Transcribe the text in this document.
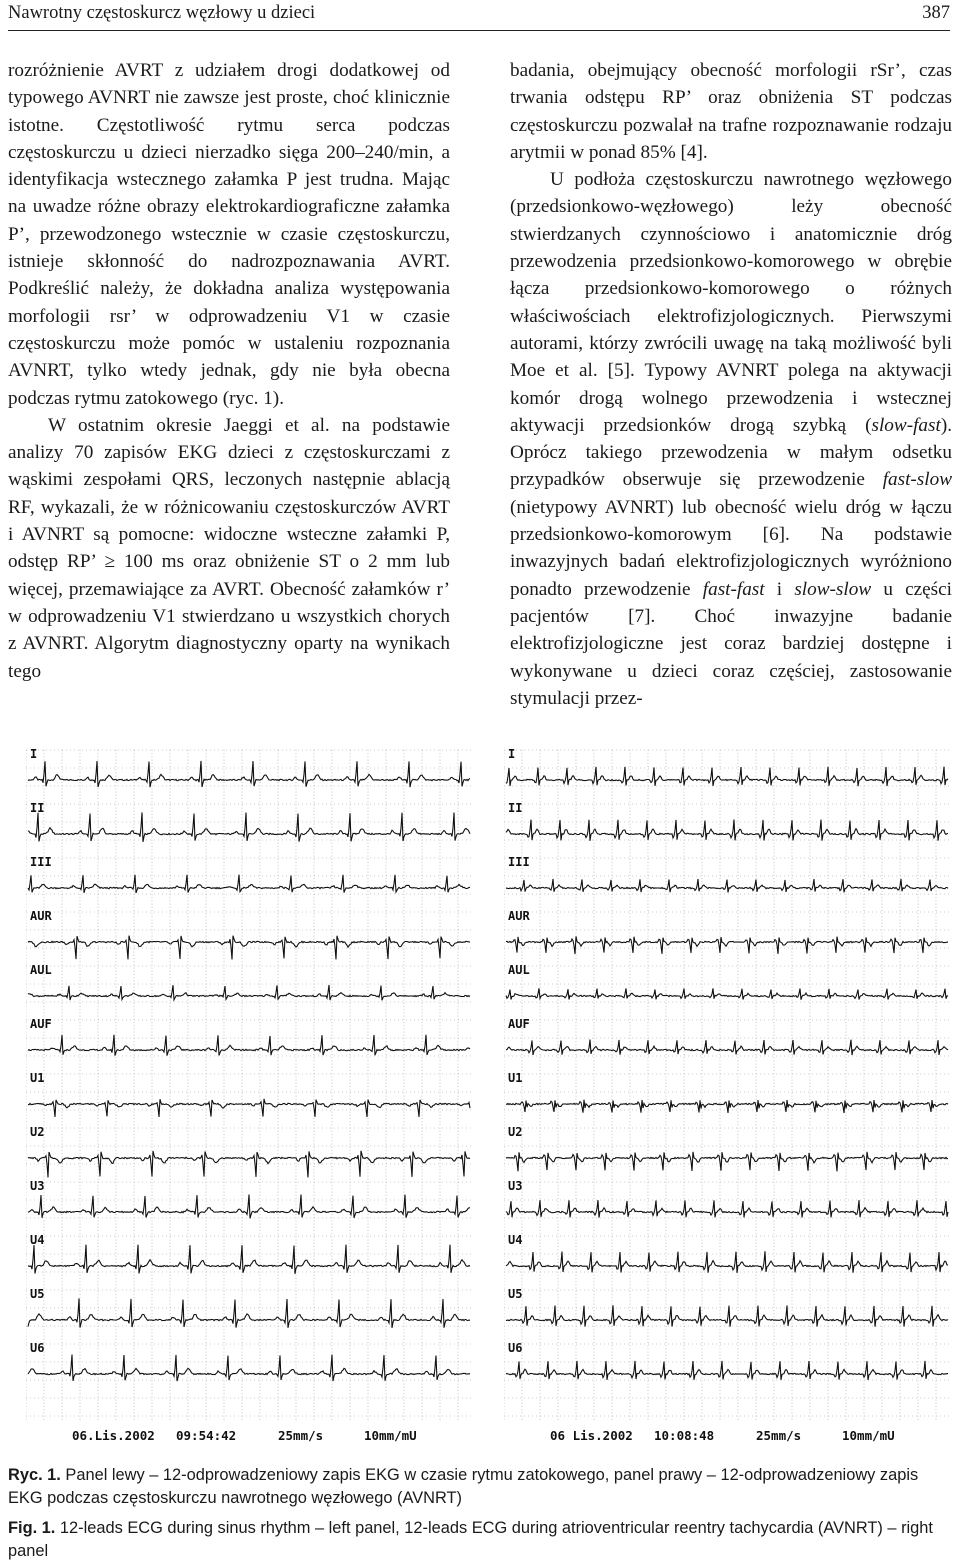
Nawrotny częstoskurcz węzłowy u dzieci	387

rozróżnienie AVRT z udziałem drogi dodatkowej od typowego AVNRT nie zawsze jest proste, choć klinicznie istotne. Częstotliwość rytmu serca podczas częstoskurczu u dzieci nierzadko sięga 200–240/min, a identyfikacja wstecznego załamka P jest trudna. Mając na uwadze różne obrazy elektrokardiograficzne załamka P’, przewodzonego wstecznie w czasie częstoskurczu, istnieje skłonność do nadrozpoznawania AVRT. Podkreślić należy, że dokładna analiza występowania morfologii rsr’ w odprowadzeniu V1 w czasie częstoskurczu może pomóc w ustaleniu rozpoznania AVNRT, tylko wtedy jednak, gdy nie była obecna podczas rytmu zatokowego (ryc. 1).

W ostatnim okresie Jaeggi et al. na podstawie analizy 70 zapisów EKG dzieci z częstoskurczami z wąskimi zespołami QRS, leczonych następnie ablacją RF, wykazali, że w różnicowaniu częstoskurczów AVRT i AVNRT są pomocne: widoczne wsteczne załamki P, odstęp RP’ ≥ 100 ms oraz obniżenie ST o 2 mm lub więcej, przemawiające za AVRT. Obecność załamków r’ w odprowadzeniu V1 stwierdzano u wszystkich chorych z AVNRT. Algorytm diagnostyczny oparty na wynikach tego

badania, obejmujący obecność morfologii rSr’, czas trwania odstępu RP’ oraz obniżenia ST podczas częstoskurczu pozwalał na trafne rozpoznawanie rodzaju arytmii w ponad 85% [4].

U podłoża częstoskurczu nawrotnego węzłowego (przedsionkowo-węzłowego) leży obecność stwierdzanych czynnościowo i anatomicznie dróg przewodzenia przedsionkowo-komorowego w obrębie łącza przedsionkowo-komorowego o różnych właściwościach elektrofizjologicznych. Pierwszymi autorami, którzy zwrócili uwagę na taką możliwość byli Moe et al. [5]. Typowy AVNRT polega na aktywacji komór drogą wolnego przewodzenia i wstecznej aktywacji przedsionków drogą szybką (slow-fast). Oprócz takiego przewodzenia w małym odsetku przypadków obserwuje się przewodzenie fast-slow (nietypowy AVNRT) lub obecność wielu dróg w łączu przedsionkowo-komorowym [6]. Na podstawie inwazyjnych badań elektrofizjologicznych wyróżniono ponadto przewodzenie fast-fast i slow-slow u części pacjentów [7]. Choć inwazyjne badanie elektrofizjologiczne jest coraz bardziej dostępne i wykonywane u dzieci coraz częściej, zastosowanie stymulacji przez-

I
II
III
AUR
AUL
AUF
U1
U2
U3
U4
U5
U6
06.Lis.2002 09:54:42	25mm/s	10mm/mU
I
II
III
AUR
AUL
AUF
U1
U2
U3
U4
U5
U6
06 Lis.2002 10:08:48	25mm/s	10mm/mU

Ryc. 1. Panel lewy – 12-odprowadzeniowy zapis EKG w czasie rytmu zatokowego, panel prawy – 12-odprowadzeniowy zapis EKG podczas częstoskurczu nawrotnego węzłowego (AVNRT)

Fig. 1. 12-leads ECG during sinus rhythm – left panel, 12-leads ECG during atrioventricular reentry tachycardia (AVNRT) – right panel
